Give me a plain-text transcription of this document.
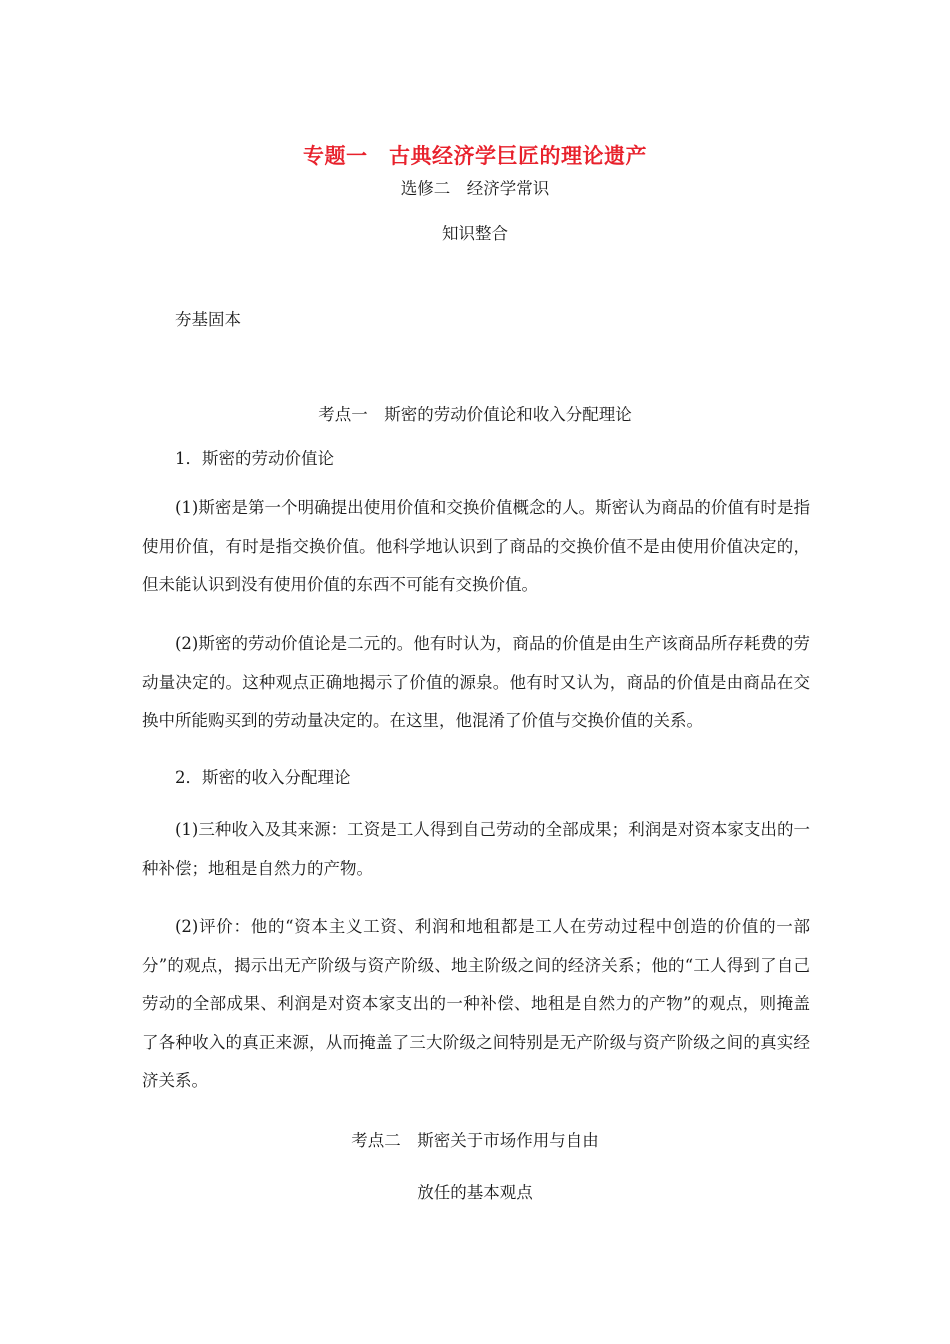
专题一　古典经济学巨匠的理论遗产
选修二　经济学常识
知识整合
夯基固本
考点一　斯密的劳动价值论和收入分配理论
1．斯密的劳动价值论
(1)斯密是第一个明确提出使用价值和交换价值概念的人。斯密认为商品的价值有时是指使用价值，有时是指交换价值。他科学地认识到了商品的交换价值不是由使用价值决定的，但未能认识到没有使用价值的东西不可能有交换价值。
(2)斯密的劳动价值论是二元的。他有时认为，商品的价值是由生产该商品所存耗费的劳动量决定的。这种观点正确地揭示了价值的源泉。他有时又认为，商品的价值是由商品在交换中所能购买到的劳动量决定的。在这里，他混淆了价值与交换价值的关系。
2．斯密的收入分配理论
(1)三种收入及其来源：工资是工人得到自己劳动的全部成果；利润是对资本家支出的一种补偿；地租是自然力的产物。
(2)评价：他的“资本主义工资、利润和地租都是工人在劳动过程中创造的价值的一部分”的观点，揭示出无产阶级与资产阶级、地主阶级之间的经济关系；他的“工人得到了自己劳动的全部成果、利润是对资本家支出的一种补偿、地租是自然力的产物”的观点，则掩盖了各种收入的真正来源，从而掩盖了三大阶级之间特别是无产阶级与资产阶级之间的真实经济关系。
考点二　斯密关于市场作用与自由
放任的基本观点
